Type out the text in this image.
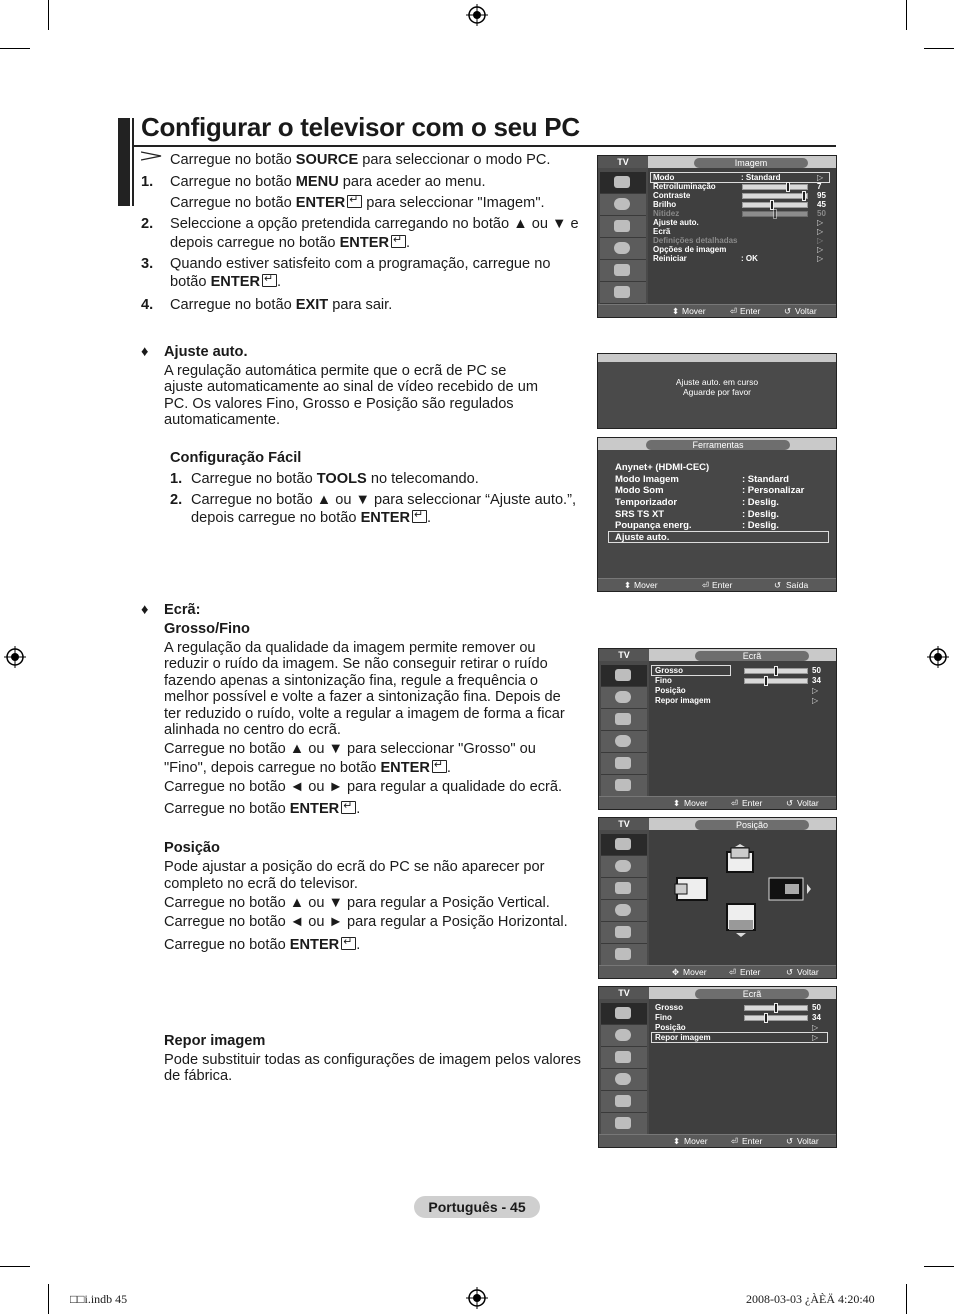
Configurar o televisor com o seu PC
Carregue no botão SOURCE para seleccionar o modo PC.
1. Carregue no botão MENU para aceder ao menu.
Carregue no botão ENTER↵ para seleccionar "Imagem".
2. Seleccione a opção pretendida carregando no botão ▲ ou ▼ e
depois carregue no botão ENTER ↵ .
3. Quando estiver satisfeito com a programação, carregue no
botão ENTER ↵ .
4. Carregue no botão EXIT para sair.
♦ Ajuste auto.
A regulação automática permite que o ecrã de PC se
ajuste automaticamente ao sinal de vídeo recebido de um
PC. Os valores Fino, Grosso e Posição são regulados
automaticamente.
Configuração Fácil
1. Carregue no botão TOOLS no telecomando.
2. Carregue no botão ▲ ou ▼ para seleccionar “Ajuste auto.”,
depois carregue no botão ENTER ↵ .
♦ Ecrã:
Grosso/Fino
A regulação da qualidade da imagem permite remover ou
reduzir o ruído da imagem. Se não conseguir retirar o ruído
fazendo apenas a sintonização fina, regule a frequência o
melhor possível e volte a fazer a sintonização fina. Depois de
ter reduzido o ruído, volte a regular a imagem de forma a ficar
alinhada no centro do ecrã.
Carregue no botão ▲ ou ▼ para seleccionar "Grosso" ou
"Fino", depois carregue no botão ENTER ↵ .
Carregue no botão ◄ ou ► para regular a qualidade do ecrã.
Carregue no botão ENTER ↵ .
Posição
Pode ajustar a posição do ecrã do PC se não aparecer por
completo no ecrã do televisor.
Carregue no botão ▲ ou ▼ para regular a Posição Vertical.
Carregue no botão ◄ ou ► para regular a Posição Horizontal.
Carregue no botão ENTER ↵ .
Repor imagem
Pode substituir todas as configurações de imagem pelos valores
de fábrica.
TV	Imagem
Modo	: Standard	▷
Retroiluminação	7
Contraste	95
Brilho	45
Nitidez	50
Ajuste auto.	▷
Ecrã	▷
Definições detalhadas	▷
Opções de imagem	▷
Reiniciar	: OK	▷
⬍ Mover	⏎ Enter	↺ Voltar
Ajuste auto. em curso
Aguarde por favor
Ferramentas
Anynet+ (HDMI-CEC)
Modo Imagem	: Standard
Modo Som	: Personalizar
Temporizador	: Deslig.
SRS TS XT	: Deslig.
Poupança energ.	: Deslig.
Ajuste auto.
⬍ Mover	⏎ Enter	↺ Saída
TV	Ecrã
Grosso	50
Fino	34
Posição	▷
Repor imagem	▷
⬍ Mover	⏎ Enter	↺ Voltar
TV	Posição
✥ Mover	⏎ Enter	↺ Voltar
TV	Ecrã
Grosso	50
Fino	34
Posição	▷
Repor imagem	▷
⬍ Mover	⏎ Enter	↺ Voltar
Português - 45
□□i.indb 45	2008-03-03 ¿ÀÈÄ 4:20:40
